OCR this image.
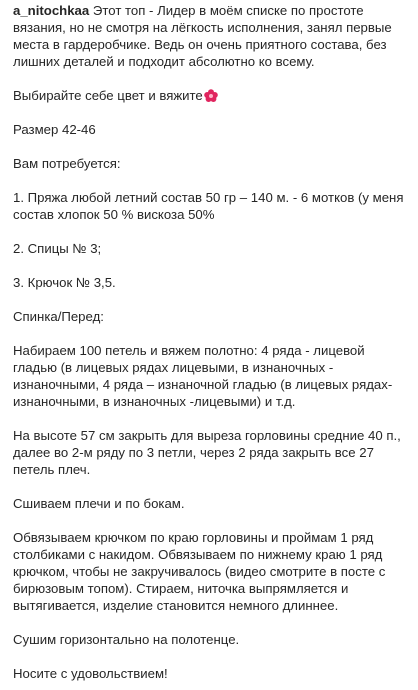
a_nitochkaa Этот топ - Лидер в моём списке по простоте вязания, но не смотря на лёгкость исполнения, занял первые места в гардеробчике. Ведь он очень приятного состава, без лишних деталей и подходит абсолютно ко всему.

Выбирайте себе цвет и вяжите

Размер 42-46

Вам потребуется:

1. Пряжа любой летний состав 50 гр – 140 м. - 6 мотков (у меня состав хлопок 50 % вискоза 50%

2. Спицы № 3;

3. Крючок № 3,5.

Спинка/Перед:

Набираем 100 петель и вяжем полотно: 4 ряда - лицевой гладью (в лицевых рядах лицевыми, в изнаночных - изнаночными, 4 ряда – изнаночной гладью (в лицевых рядах- изнаночными, в изнаночных -лицевыми) и т.д.

На высоте 57 см закрыть для выреза горловины средние 40 п., далее во 2-м ряду по 3 петли, через 2 ряда закрыть все 27 петель плеч.

Сшиваем плечи и по бокам.

Обвязываем крючком по краю горловины и проймам 1 ряд столбиками с накидом. Обвязываем по нижнему краю 1 ряд крючком, чтобы не закручивалось (видео смотрите в посте с бирюзовым топом). Стираем, ниточка выпрямляется и вытягивается, изделие становится немного длиннее.

Сушим горизонтально на полотенце.

Носите с удовольствием!
